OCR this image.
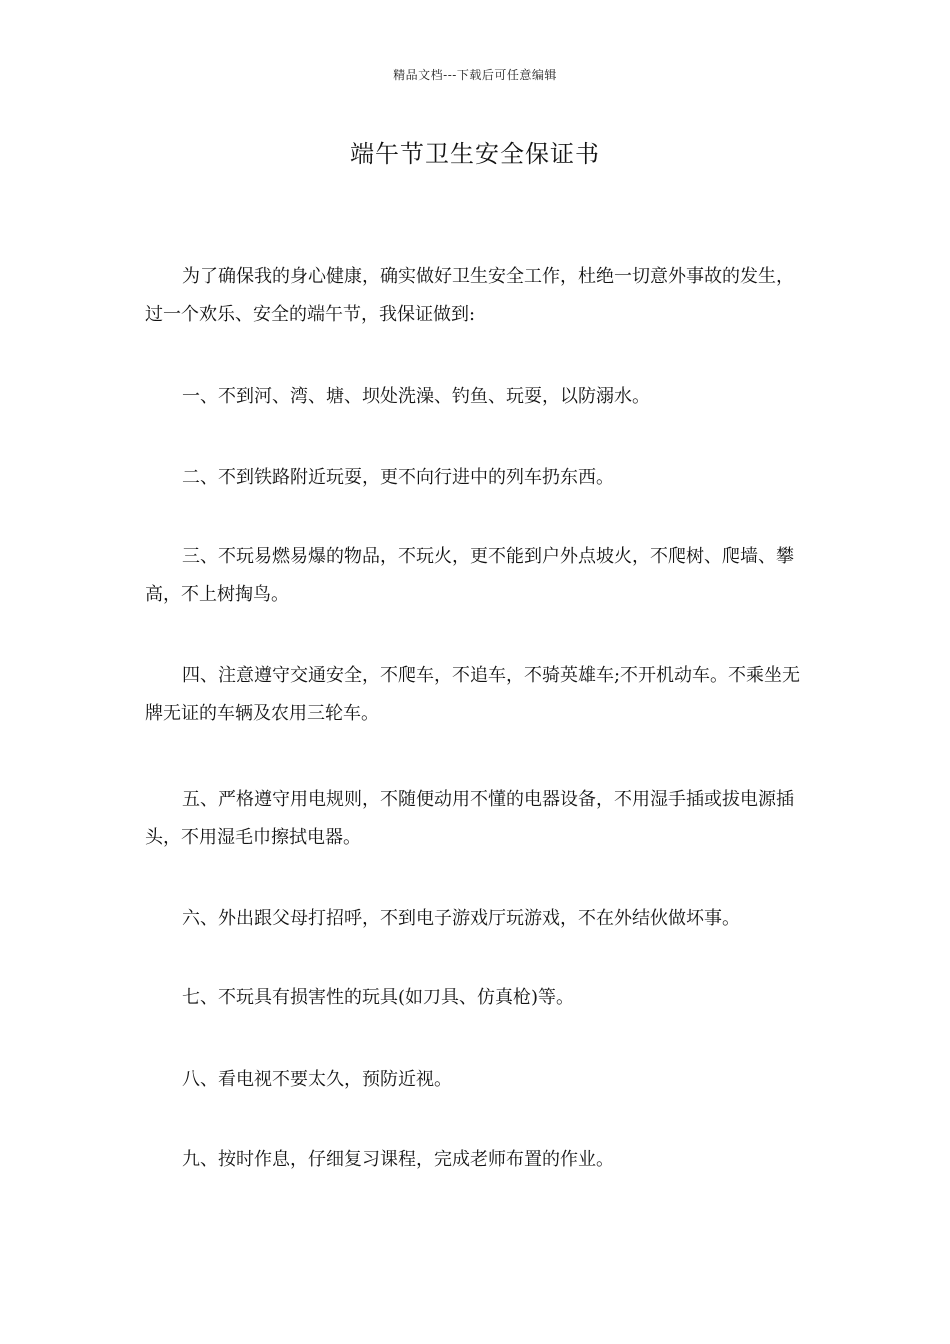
精品文档---下载后可任意编辑
端午节卫生安全保证书

为了确保我的身心健康，确实做好卫生安全工作，杜绝一切意外事故的发生，过一个欢乐、安全的端午节，我保证做到:

一、不到河、湾、塘、坝处洗澡、钓鱼、玩耍，以防溺水。

二、不到铁路附近玩耍，更不向行进中的列车扔东西。

三、不玩易燃易爆的物品，不玩火，更不能到户外点坡火，不爬树、爬墙、攀高，不上树掏鸟。

四、注意遵守交通安全，不爬车，不追车，不骑英雄车;不开机动车。不乘坐无牌无证的车辆及农用三轮车。

五、严格遵守用电规则，不随便动用不懂的电器设备，不用湿手插或拔电源插头，不用湿毛巾擦拭电器。

六、外出跟父母打招呼，不到电子游戏厅玩游戏，不在外结伙做坏事。

七、不玩具有损害性的玩具(如刀具、仿真枪)等。

八、看电视不要太久，预防近视。

九、按时作息，仔细复习课程，完成老师布置的作业。
